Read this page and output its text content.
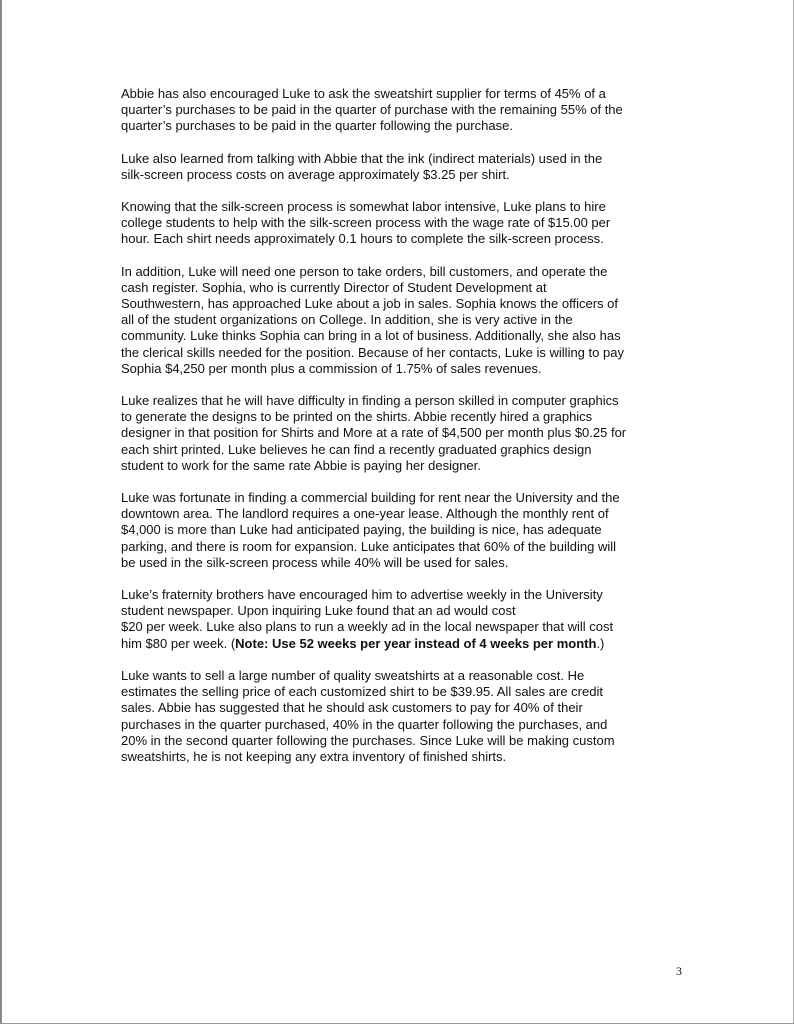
Abbie has also encouraged Luke to ask the sweatshirt supplier for terms of 45% of a
quarter’s purchases to be paid in the quarter of purchase with the remaining 55% of the
quarter’s purchases to be paid in the quarter following the purchase.

Luke also learned from talking with Abbie that the ink (indirect materials) used in the
silk-screen process costs on average approximately $3.25 per shirt.

Knowing that the silk-screen process is somewhat labor intensive, Luke plans to hire
college students to help with the silk-screen process with the wage rate of $15.00 per
hour. Each shirt needs approximately 0.1 hours to complete the silk-screen process.

In addition, Luke will need one person to take orders, bill customers, and operate the
cash register. Sophia, who is currently Director of Student Development at
Southwestern, has approached Luke about a job in sales. Sophia knows the officers of
all of the student organizations on College. In addition, she is very active in the
community. Luke thinks Sophia can bring in a lot of business. Additionally, she also has
the clerical skills needed for the position. Because of her contacts, Luke is willing to pay
Sophia $4,250 per month plus a commission of 1.75% of sales revenues.

Luke realizes that he will have difficulty in finding a person skilled in computer graphics
to generate the designs to be printed on the shirts. Abbie recently hired a graphics
designer in that position for Shirts and More at a rate of $4,500 per month plus $0.25 for
each shirt printed. Luke believes he can find a recently graduated graphics design
student to work for the same rate Abbie is paying her designer.

Luke was fortunate in finding a commercial building for rent near the University and the
downtown area. The landlord requires a one-year lease. Although the monthly rent of
$4,000 is more than Luke had anticipated paying, the building is nice, has adequate
parking, and there is room for expansion. Luke anticipates that 60% of the building will
be used in the silk-screen process while 40% will be used for sales.

Luke’s fraternity brothers have encouraged him to advertise weekly in the University
student newspaper. Upon inquiring Luke found that an ad would cost
$20 per week. Luke also plans to run a weekly ad in the local newspaper that will cost
him $80 per week. (Note: Use 52 weeks per year instead of 4 weeks per month.)

Luke wants to sell a large number of quality sweatshirts at a reasonable cost. He
estimates the selling price of each customized shirt to be $39.95. All sales are credit
sales. Abbie has suggested that he should ask customers to pay for 40% of their
purchases in the quarter purchased, 40% in the quarter following the purchases, and
20% in the second quarter following the purchases. Since Luke will be making custom
sweatshirts, he is not keeping any extra inventory of finished shirts.

3
